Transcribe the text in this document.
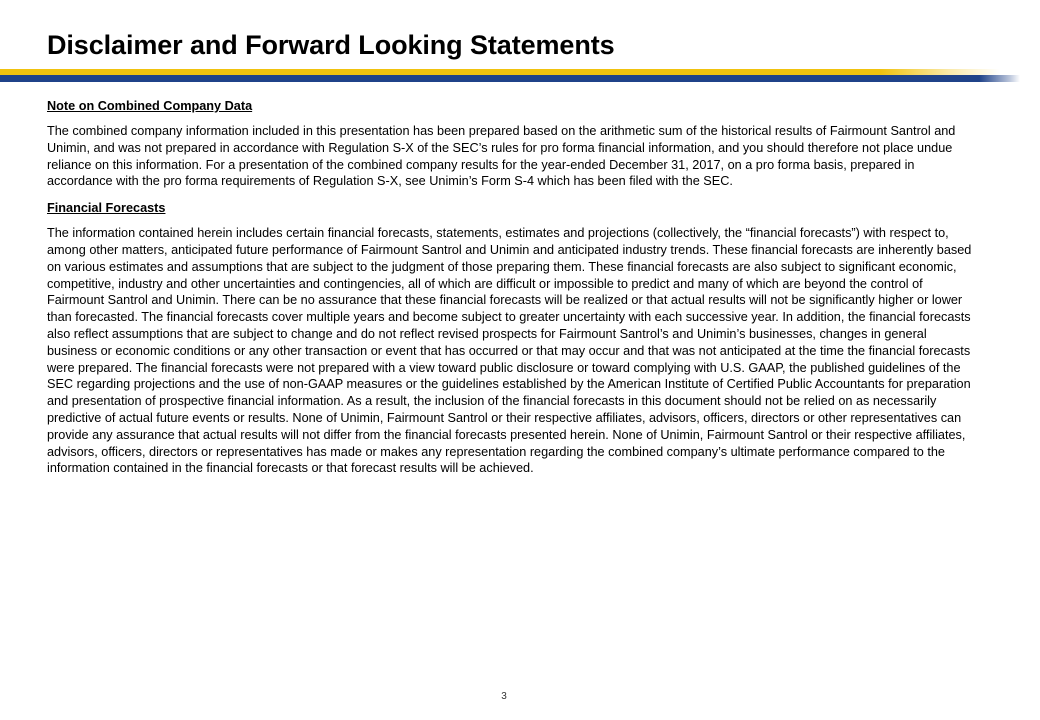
Disclaimer and Forward Looking Statements
Note on Combined Company Data
The combined company information included in this presentation has been prepared based on the arithmetic sum of the historical results of Fairmount Santrol and
Unimin, and was not prepared in accordance with Regulation S-X of the SEC’s rules for pro forma financial information, and you should therefore not place undue
reliance on this information. For a presentation of the combined company results for the year-ended December 31, 2017, on a pro forma basis, prepared in
accordance with the pro forma requirements of Regulation S-X, see Unimin’s Form S-4 which has been filed with the SEC.
Financial Forecasts
The information contained herein includes certain financial forecasts, statements, estimates and projections (collectively, the “financial forecasts”) with respect to,
among other matters, anticipated future performance of Fairmount Santrol and Unimin and anticipated industry trends. These financial forecasts are inherently based
on various estimates and assumptions that are subject to the judgment of those preparing them. These financial forecasts are also subject to significant economic,
competitive, industry and other uncertainties and contingencies, all of which are difficult or impossible to predict and many of which are beyond the control of
Fairmount Santrol and Unimin. There can be no assurance that these financial forecasts will be realized or that actual results will not be significantly higher or lower
than forecasted. The financial forecasts cover multiple years and become subject to greater uncertainty with each successive year. In addition, the financial forecasts
also reflect assumptions that are subject to change and do not reflect revised prospects for Fairmount Santrol’s and Unimin’s businesses, changes in general
business or economic conditions or any other transaction or event that has occurred or that may occur and that was not anticipated at the time the financial forecasts
were prepared. The financial forecasts were not prepared with a view toward public disclosure or toward complying with U.S. GAAP, the published guidelines of the
SEC regarding projections and the use of non-GAAP measures or the guidelines established by the American Institute of Certified Public Accountants for preparation
and presentation of prospective financial information. As a result, the inclusion of the financial forecasts in this document should not be relied on as necessarily
predictive of actual future events or results. None of Unimin, Fairmount Santrol or their respective affiliates, advisors, officers, directors or other representatives can
provide any assurance that actual results will not differ from the financial forecasts presented herein. None of Unimin, Fairmount Santrol or their respective affiliates,
advisors, officers, directors or representatives has made or makes any representation regarding the combined company’s ultimate performance compared to the
information contained in the financial forecasts or that forecast results will be achieved.
3
